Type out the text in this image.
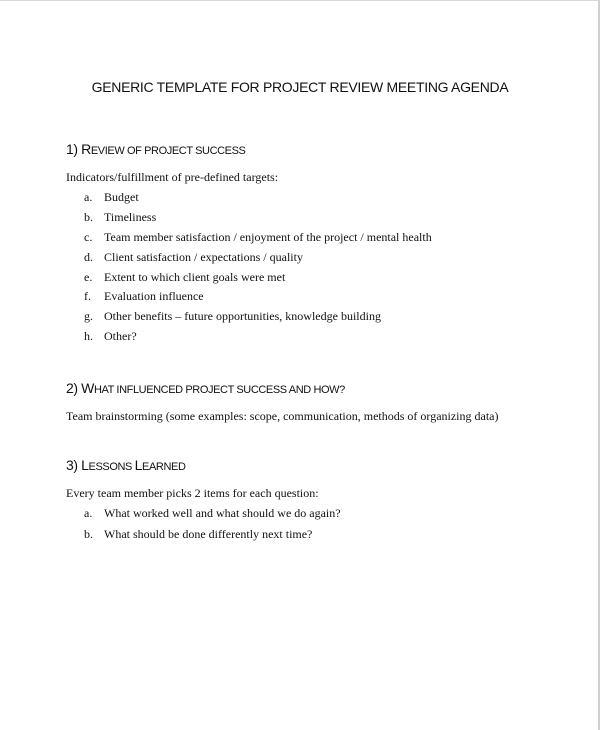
GENERIC TEMPLATE FOR PROJECT REVIEW MEETING AGENDA
1) REVIEW OF PROJECT SUCCESS
Indicators/fulfillment of pre-defined targets:
a. Budget
b. Timeliness
c. Team member satisfaction / enjoyment of the project / mental health
d. Client satisfaction / expectations / quality
e. Extent to which client goals were met
f. Evaluation influence
g. Other benefits – future opportunities, knowledge building
h. Other?
2) WHAT INFLUENCED PROJECT SUCCESS AND HOW?
Team brainstorming (some examples: scope, communication, methods of organizing data)
3) LESSONS LEARNED
Every team member picks 2 items for each question:
a. What worked well and what should we do again?
b. What should be done differently next time?
